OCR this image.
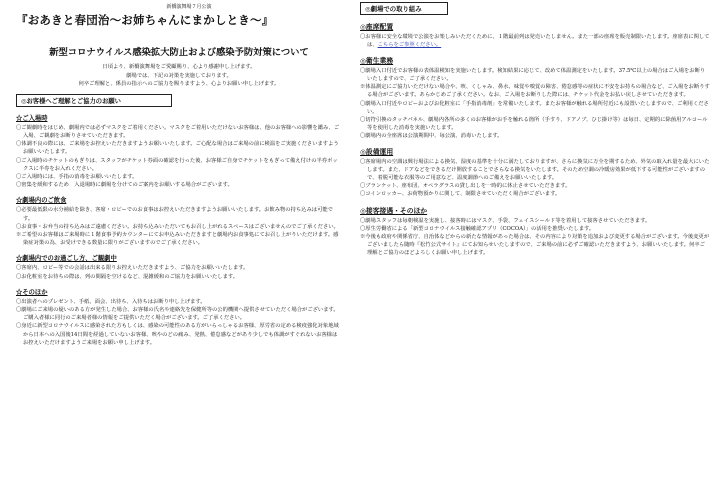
新橋演舞場７月公演
『おあきと春団治〜お姉ちゃんにまかしとき〜』
新型コロナウイルス感染拡大防止および感染予防対策について
日頃より、新橋演舞場をご愛顧賜り、心より感謝申し上げます。
劇場では、下記の対策を実施しております。
何卒ご理解と、係員の指示へのご協力を賜りますよう、心よりお願い申し上げます。
◎お客様へご理解とご協力のお願い
☆ご入場時
〇ご観劇時をはじめ、劇場内では必ずマスクをご着用ください。マスクをご着用いただけないお客様は、他のお客様への影響を鑑み、ご入場、ご観劇をお断りさせていただきます。
〇体調不良の際には、ご来場をお控えいただきますようお願いいたします。ご心配な場合はご来場の前に検温をご実施くださいますようお願いいたします。
〇ご入場時のチケットのもぎりは、スタッフがチケット券面の確認を行った後、お客様ご自身でチケットをもぎって備え付けの半券ボックスに半券をお入れください。
〇ご入場時には、手指の消毒をお願いいたします。
〇密集を緩和するため　入退場時に劇場を分けてのご案内をお願いする場合がございます。
☆劇場内のご飲食
〇必要最低限の水分補給を除き、客席・ロビーでのお食事はお控えいただきますようお願いいたします。お飲み物の持ち込みは可能です。
〇お食事・お弁当の持ち込みはご遠慮ください。お持ち込みいただいてもお召し上がれるスペースはございませんのでご了承ください。
※ご希望のお客様はご来場時に１階食事予約カウンターにてお申込みいただきますと劇場内お食事処にてお召し上がりいただけます。感染症対策の為、お受けできる数量に限りがございますのでご了承ください。
☆劇場内でのお過ごし方、ご観劇中
〇客席内、ロビー等での会話は出来る限りお控えいただきますよう、ご協力をお願いいたします。
〇お化粧室をお待ちの際は、列の間隔を空けるなど、混雑緩和のご協力をお願いいたします。
☆そのほか
〇出演者へのプレゼント、手紙、面会、出待ち、入待ちはお断り申し上げます。
〇劇場にご来場の疑いのある方が発生した場合、お客様の氏名や連絡先を保健所等の公的機関へ提供させていただく場合がございます。ご購入者様に同行のご来場者様の情報をご提供いただく場合がございます。ご了承ください。
〇身近に新型コロナウイルスに感染された方もしくは、感染の可能性のある方がいらっしゃるお客様、厚労省の定める検疫強化対象地域から日本への入国後14日間を経過していないお客様、咳やのどの痛み、発熱、倦怠感などがあり少しでも体調がすぐれないお客様はお控えいただけますようご来場をお願い申し上げます。
◎劇場での取り組み
◎座席配置
〇お客様に安全な環境で公演をお楽しみいただくために、１階最前列は発売いたしません。また一部の座席を販売制限いたします。座席表に関しては、こちらをご参照ください。
◎衛生業務
〇劇場入口付近でお客様の表体温検知を実施いたします。検知結果に応じて、改めて体温測定をいたします。37.5℃以上の場合はご入場をお断りいたしますので、ご了承ください。
※体温測定にご協力いただけない場合や、咳、くしゃみ、鼻水、味覚や嗅覚の障害、倦怠感等の症状に不安をお持ちの場合など、ご入場をお断りする場合がございます。あらかじめご了承ください。なお、ご入場をお断りした際には、チケット代金をお払い戻しさせていただきます。
〇劇場入口付近やロビーおよびお化粧室に「手指消毒剤」を常備いたします。またお客様が触れる場所付近にも設置いたしますので、ご利用ください。
〇切符引換のタッチパネル、劇場内各所の多くのお客様がお手を触れる箇所（手すり、ドアノブ、ひじ掛け等）は毎日、定期的に除菌用アルコール等を使用した消毒を実施いたします。
〇劇場内の全座席は公演期間中、毎公演、消毒いたします。
◎設備運用
〇客席場内の空調は興行場法による換気、湿度の基準を十分に満たしておりますが、さらに換気に万全を期するため、外気の取入れ量を最大にいたします。また、ドアなどをできるだけ開放することでさらなる換気をいたします。そのため空調の冷暖房効果が低下する可能性がございますので、着脱可能な衣服等のご用意など、温度調節へのご備えをお願いいたします。
〇ブランケット、座布団、オペラグラスの貸し出しを一時的に休止させていただきます。
〇コインロッカー、お荷物預かりに関して、制限させていただく場合がございます。
◎接客接遇・そのほか
〇劇場スタッフは毎朝検温を実施し、接客時にはマスク、手袋、フェイスシールド等を着用して接客させていただきます。
〇厚生労働省による「新型コロナウイルス接触確認アプリ（COCOA）」の活用を推奨いたします。
※今後も政府や関係省庁、自治体などからの新たな情報があった場合は、その内容により対策を追加および変更する場合がございます。今後変更がございましたら随時『松竹公式サイト』にてお知らせいたしますので、ご来場の前に必ずご確認いただきますよう、お願いいたします。何卒ご理解とご協力のほどよろしくお願い申し上げます。
